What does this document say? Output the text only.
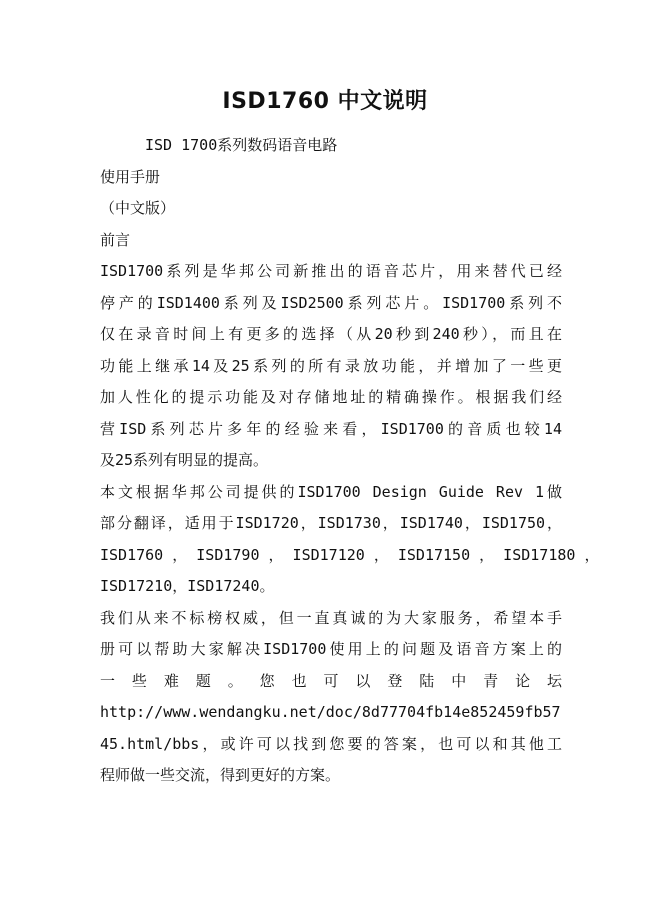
ISD1760 中文说明

ISD 1700系列数码语音电路

使用手册

（中文版）

前言

ISD1700系列是华邦公司新推出的语音芯片，用来替代已经

停产的ISD1400系列及ISD2500系列芯片。ISD1700系列不

仅在录音时间上有更多的选择（从20秒到240秒），而且在

功能上继承14及25系列的所有录放功能，并增加了一些更

加人性化的提示功能及对存储地址的精确操作。根据我们经

营ISD系列芯片多年的经验来看，ISD1700的音质也较14

及25系列有明显的提高。

本文根据华邦公司提供的ISD1700 Design Guide Rev 1做

部分翻译，适用于ISD1720，ISD1730，ISD1740，ISD1750，

ISD1760 ， ISD1790 ， ISD17120 ， ISD17150 ， ISD17180 ，

ISD17210，ISD17240。

我们从来不标榜权威，但一直真诚的为大家服务，希望本手

册可以帮助大家解决ISD1700使用上的问题及语音方案上的

一 些 难 题 。 您 也 可 以 登 陆 中 青 论 坛

http://www.wendangku.net/doc/8d77704fb14e852459fb57

45.html/bbs，或许可以找到您要的答案，也可以和其他工

程师做一些交流，得到更好的方案。
